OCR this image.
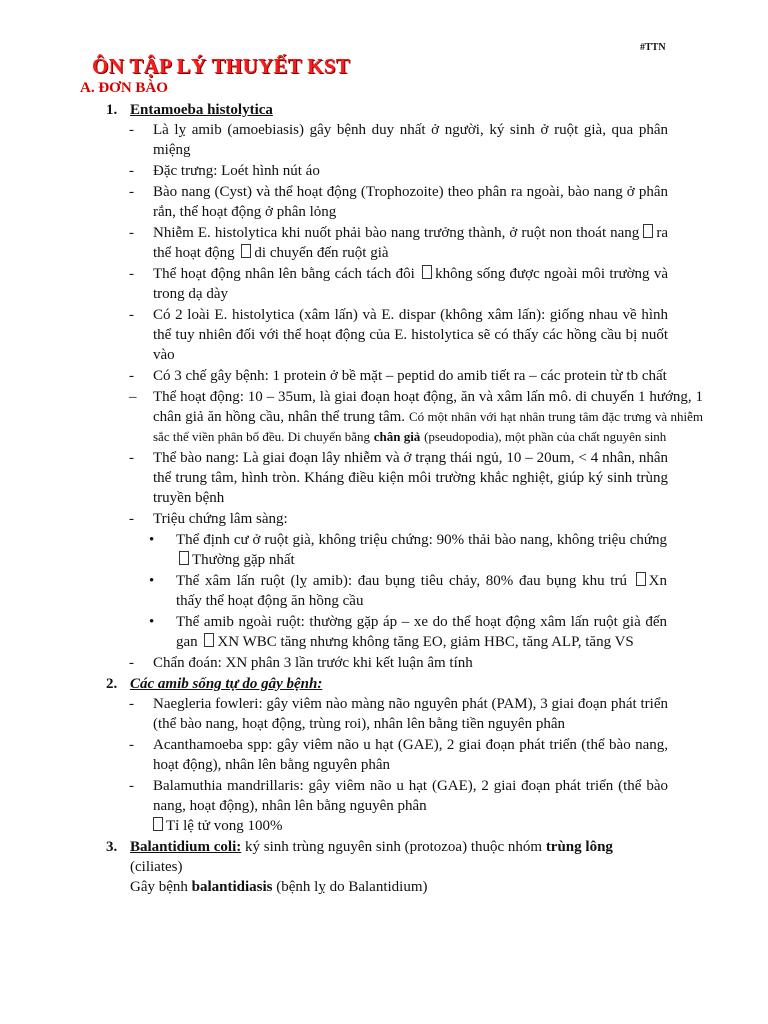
#TTN
ÔN TẬP LÝ THUYẾT KST
A. ĐƠN BÀO
1. Entamoeba histolytica
- Là lỵ amib (amoebiasis) gây bệnh duy nhất ở người, ký sinh ở ruột già, qua phân miệng
- Đặc trưng: Loét hình nút áo
- Bào nang (Cyst) và thể hoạt động (Trophozoite) theo phân ra ngoài, bào nang ở phân rắn, thể hoạt động ở phân lỏng
- Nhiễm E. histolytica khi nuốt phải bào nang trưởng thành, ở ruột non thoát nang ra thể hoạt động di chuyển đến ruột già
- Thể hoạt động nhân lên bằng cách tách đôi không sống được ngoài môi trường và trong dạ dày
- Có 2 loài E. histolytica (xâm lấn) và E. dispar (không xâm lấn): giống nhau về hình thể tuy nhiên đối với thể hoạt động của E. histolytica sẽ có thấy các hồng cầu bị nuốt vào
- Có 3 chế gây bệnh: 1 protein ở bề mặt – peptid do amib tiết ra – các protein từ tb chất
– Thể hoạt động: 10 – 35um, là giai đoạn hoạt động, ăn và xâm lấn mô. di chuyển 1 hướng, 1 chân giả ăn hồng cầu, nhân thể trung tâm. Có một nhân với hạt nhân trung tâm đặc trưng và nhiễm sắc thể viền phân bố đều. Di chuyển bằng chân giả (pseudopodia), một phần của chất nguyên sinh
- Thể bào nang: Là giai đoạn lây nhiễm và ở trạng thái ngủ, 10 – 20um, < 4 nhân, nhân thể trung tâm, hình tròn. Kháng điều kiện môi trường khắc nghiệt, giúp ký sinh trùng truyền bệnh
- Triệu chứng lâm sàng:
• Thể định cư ở ruột già, không triệu chứng: 90% thải bào nang, không triệu chứng Thường gặp nhất
• Thể xâm lấn ruột (lỵ amib): đau bụng tiêu chảy, 80% đau bụng khu trú Xn thấy thể hoạt động ăn hồng cầu
• Thể amib ngoài ruột: thường gặp áp – xe do thể hoạt động xâm lấn ruột già đến gan XN WBC tăng nhưng không tăng EO, giảm HBC, tăng ALP, tăng VS
- Chẩn đoán: XN phân 3 lần trước khi kết luận âm tính
2. Các amib sống tự do gây bệnh:
- Naegleria fowleri: gây viêm nào màng não nguyên phát (PAM), 3 giai đoạn phát triển (thể bào nang, hoạt động, trùng roi), nhân lên bằng tiền nguyên phân
- Acanthamoeba spp: gây viêm não u hạt (GAE), 2 giai đoạn phát triển (thể bào nang, hoạt động), nhân lên bằng nguyên phân
- Balamuthia mandrillaris: gây viêm não u hạt (GAE), 2 giai đoạn phát triển (thể bào nang, hoạt động), nhân lên bằng nguyên phân
Tỉ lệ tử vong 100%
3. Balantidium coli: ký sinh trùng nguyên sinh (protozoa) thuộc nhóm trùng lông
(ciliates)
Gây bệnh balantidiasis (bệnh lỵ do Balantidium)
